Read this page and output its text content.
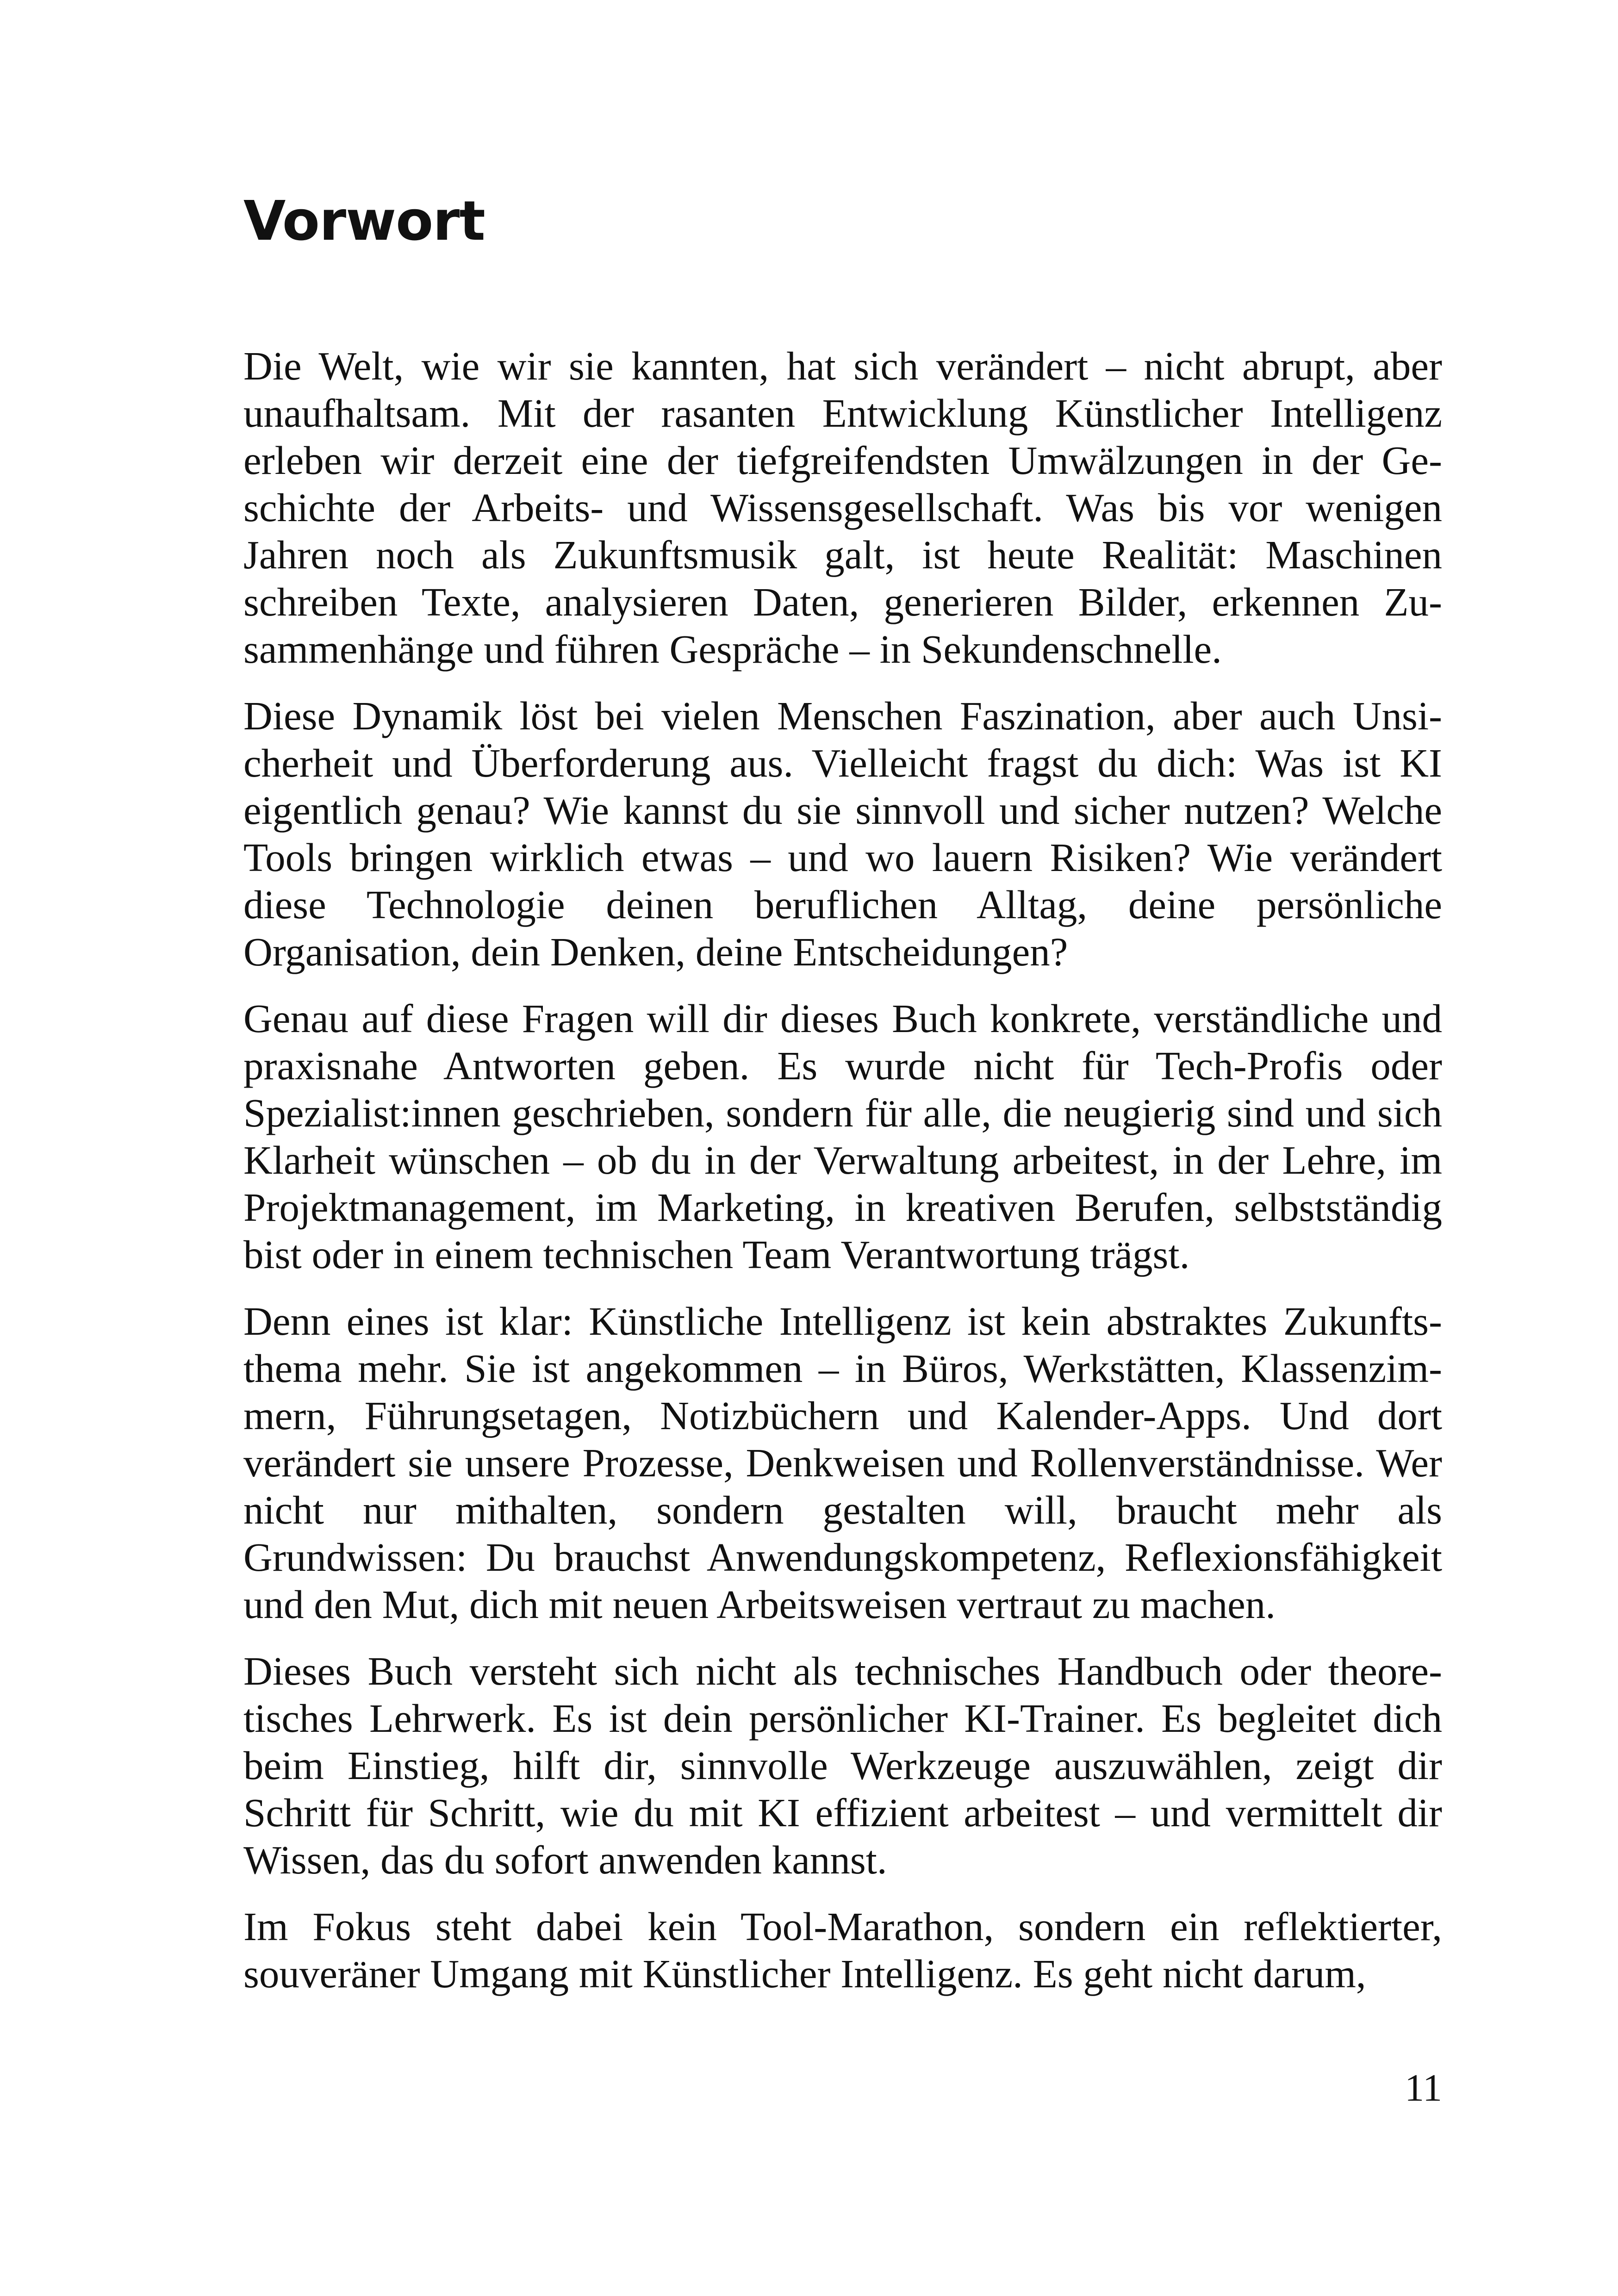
Vorwort

Die Welt, wie wir sie kannten, hat sich verändert – nicht abrupt, aber unaufhaltsam. Mit der rasanten Entwicklung Künstlicher Intelligenz erleben wir derzeit eine der tiefgreifendsten Umwälzungen in der Geschichte der Arbeits- und Wissensgesellschaft. Was bis vor wenigen Jahren noch als Zukunftsmusik galt, ist heute Realität: Maschinen schreiben Texte, analysieren Daten, generieren Bilder, erkennen Zusammenhänge und führen Gespräche – in Sekundenschnelle.

Diese Dynamik löst bei vielen Menschen Faszination, aber auch Unsicherheit und Überforderung aus. Vielleicht fragst du dich: Was ist KI eigentlich genau? Wie kannst du sie sinnvoll und sicher nutzen? Welche Tools bringen wirklich etwas – und wo lauern Risiken? Wie verändert diese Technologie deinen beruflichen Alltag, deine persönliche Organisation, dein Denken, deine Entscheidungen?

Genau auf diese Fragen will dir dieses Buch konkrete, verständliche und praxisnahe Antworten geben. Es wurde nicht für Tech-Profis oder Spezialist:innen geschrieben, sondern für alle, die neugierig sind und sich Klarheit wünschen – ob du in der Verwaltung arbeitest, in der Lehre, im Projektmanagement, im Marketing, in kreativen Berufen, selbstständig bist oder in einem technischen Team Verantwortung trägst.

Denn eines ist klar: Künstliche Intelligenz ist kein abstraktes Zukunftsthema mehr. Sie ist angekommen – in Büros, Werkstätten, Klassenzimmern, Führungsetagen, Notizbüchern und Kalender-Apps. Und dort verändert sie unsere Prozesse, Denkweisen und Rollenverständnisse. Wer nicht nur mithalten, sondern gestalten will, braucht mehr als Grundwissen: Du brauchst Anwendungskompetenz, Reflexionsfähigkeit und den Mut, dich mit neuen Arbeitsweisen vertraut zu machen.

Dieses Buch versteht sich nicht als technisches Handbuch oder theoretisches Lehrwerk. Es ist dein persönlicher KI-Trainer. Es begleitet dich beim Einstieg, hilft dir, sinnvolle Werkzeuge auszuwählen, zeigt dir Schritt für Schritt, wie du mit KI effizient arbeitest – und vermittelt dir Wissen, das du sofort anwenden kannst.

Im Fokus steht dabei kein Tool-Marathon, sondern ein reflektierter, souveräner Umgang mit Künstlicher Intelligenz. Es geht nicht darum,

11
